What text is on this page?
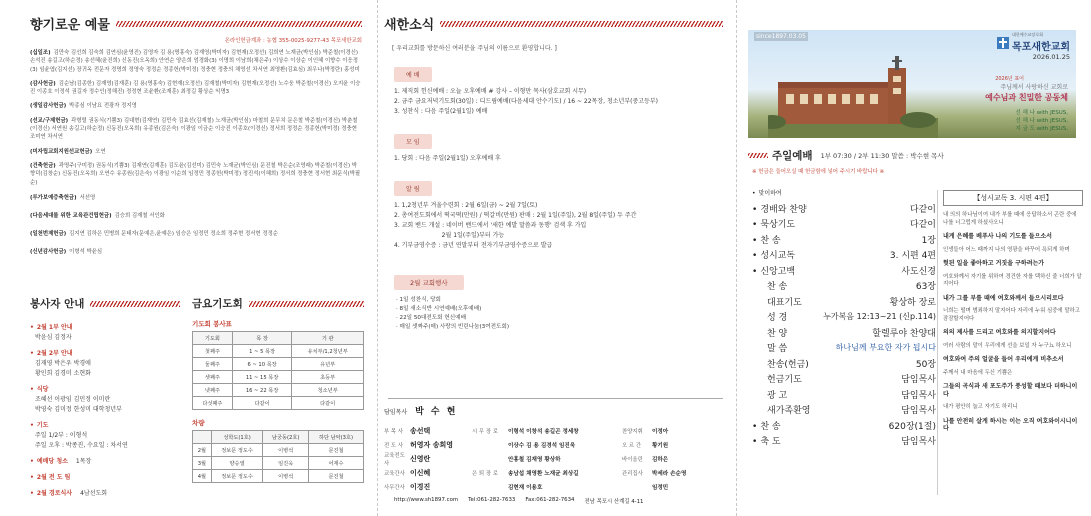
향기로운 예물
온라인헌금계좌 : 농협 355-0025-9277-43 목포새한교회
(십일조) 김만숙 김선희 김숙희 김연심(윤영진) 김영자 김 용(명홍숙) 김재영(박미자) 김현재(오정선) 김희연 노재균(박인심) 박준철(이경신) 손석진 송길고(하순정) 송선혜(윤진희) 신동진(오옥희) 안연순 양은희 엄경화(3) 이명희 이남희(채은주) 이상수 이상순 이인혜 이향수 이응정(3) 임윤엽(김지선) 장귀옥 전문자 정명희 정영숙 정정순 정종헌(박미정) 정충현 정충의 채영선 차서연 최영환(김효심) 최우나(박정란) 홍성미
(감사헌금) 김순남(김종한) 김재영(김재훈) 김 용(명홍숙) 김현재(오정선) 김재철(박미자) 김현재(오정선) 노수웅 박준철(이경신) 오지윤 이승진 이종호 이정석 권길자 정수인(정해진) 정정현 조윤환(조재훈) 최정길 황상순 익명3
(생일감사헌금) 박종심 이남요 전광자 정지영
(선교/구제헌금) 곽형렬 권동식(기쁨3) 김대현(김재연) 김민숙 김효선(김재철) 노재균(박인심) 마철희 문무치 문은철 박준철(이경신) 박춘철(이경신) 서연원 송길고(하순정) 신동진(오옥희) 유종원(김은숙) 이광임 이금순 이승진 이종호(이경신) 정서희 정정순 정종헌(박미정) 정충현 조미연 차서연
(미자립교회지원선교헌금) 오연
(건축헌금) 곽명주(구미정) 권동식(기쁨3) 김재연(김재훈) 김도윤(김선미) 김민숙 노재균(박인심) 문진철 박은순(조영래) 박준철(이경신) 박향덕(김창순) 신동진(오옥희) 오연수 유종원(김은숙) 이광임 이순희 임정민 정종헌(박미정) 정진석(이혜희) 정서희 정충현 정서현 최문식(박필순)
(루가보예증축헌금) 서선영
(다음세대를 위한 교육관건립헌금) 김승희 김재철 서인화
(일천번제헌금) 김지연 김하은 민병희 문태자(문예은,윤예은) 임승은 임정민 정소희 정주현 정서현 정정순
(신년감사헌금) 이형석 박윤심
봉사자 안내
• 2월 1부 안내
박윤심 김정자
• 2월 2부 안내
김재영 박은우 박경애
황인희 김경미 소현화
• 식당
조혜선 이광임 김민정 이미란
박영숙 김미정 한성미 대학청년부
• 기도
주일 1/2부 : 이형석
주일 오후 : 박종진, 수요일 : 차서연
• 예배당 청소 1목장
• 2월 전 도 팀
• 2월 경로식사 4남선도회
금요기도회
기도회 봉사표
기도회	목 장	기 관
첫째주	1 ~ 5 목장	유치부/1,2청년부
둘째주	6 ~ 10 목장	유년부
셋째주	11 ~ 15 목장	초등부
넷째주	16 ~ 22 목장	청소년부
다섯째주	다같이	다같이
차량
	성학도(1호)	남궁동(2호)	하단 남악(3호)
2월	정보문 정도수	이병석	문진철
3월	양승열	임진욱	어재수
4월	정보문 정도수	이병석	문진철
새한소식
[ 우리교회를 방문하신 여러분을 주님의 이름으로 환영합니다. ]
예 배
1. 제직회 헌신예배 : 오늘 오후예배 # 강사 – 이형만 목사(삼호교회 시무)
2. 금주 금요저녁기도회(30일) : 디드림예배(다음세대 안수기도) / 16 ~ 22목장, 청소년부(중고등부)
3. 성찬식 : 다음 주일(2월1일) 예배
모 임
1. 당회 : 다음 주일(2월1일) 오후예배 후
알 림
1. 1,2청년부 겨울수련회 : 2월 6일(금) ~ 2월 7일(토)
2. 총여전도회에서 떡국떡(만원) / 떡갈비(만원) 판매 : 2월 1일(주일), 2월 8일(주일) 두 주간
3. 교회 밴드 개설 : 네이버 밴드에서 '새한 예발 말씀과 동행' 검색 후 가입
2월 1일(주일)부터 가능
4. 기부금영수증 : 금년 연말부터 전자기부금영수증으로 발급
2월 교회행사
· 1일 성찬식, 당회
· 8일 새소식반 시연예배(오후예배)
· 22일 50대전도회 헌신예배
· 매일 샛짜주(매) 사랑의 빈린나눔(3여전도회)
담임목사 박 수 현
부 목 사 송선택
전 도 사 허영자 송희영
교육전도사
신영란
교육간사 이신혜
사무간사 이경진
시 무 장 로	이형석 이창석 송길곤 정세창
이상수 김 용 김경석 임진욱
안홍철 김재영 황상하
은 퇴 장 로	송남섭 채영환 노재균 최상길
김현재 이용호
찬양지휘	이정아
오 르 간	황기원
바이올린	김하은
관리집사	박세라 손순영
임정민
http://www.sh1897.com Tel:061-282-7633 Fax:061-282-7634 전남 목포시 산계길 4-11
since1897.03.05	대한예수교장로회
목포새한교회
2026.01.25
2026년 표어
주님께서 사랑하신 교회로
예수님과 친밀한 공동체
선 해 나 with JESUS,
선 해 나 with JESUS,
지 금 도 with JESUS,
주일예배 1부 07:30 / 2부 11:30 말씀 : 박수현 목사
※ 헌금은 들어오실 때 헌금함에 넣어 주시기 바랍니다 ※
• 맞이하여
• 경배와 찬양	다같이
• 묵상기도	다같이
• 찬 송	1장
• 성시교독	3. 시편 4편
• 신앙고백	사도신경
찬 송	63장
대표기도	황상하 장로
성 경	누가복음 12:13~21 (신p.114)
찬 양	할렐루야 찬양대
말 씀	하나님께 부요한 자가 됩시다
찬송(헌금)	50장
헌금기도	담임목사
광 고	담임목사
새가족환영	담임목사
• 찬 송	620장(1절)
• 축 도	담임목사
【성시교독 3. 시편 4편】
내 의의 하나님이여 내가 부를 때에 응답하소서 곤란 중에 나를 너그럽게 하셨사오니
내게 은혜를 베푸사 나의 기도를 들으소서
인생들아 어느 때까지 나의 영광을 바꾸어 욕되게 하며
헛된 일을 좋아하고 거짓을 구하려는가
여호와께서 자기를 위하여 경건한 자를 택하신 줄 너희가 알지어다
내가 그를 부를 때에 여호와께서 들으시리로다
너희는 떨며 범죄하지 말지어다 자리에 누워 심중에 말하고 잠잠할지어다
의의 제사를 드리고 여호와를 의지할지어다
여러 사람의 말이 우리에게 선을 보일 자 누구뇨 하오니
여호와여 주의 얼굴을 들어 우리에게 비추소서
주께서 내 마음에 두신 기쁨은
그들의 곡식과 새 포도주가 풍성할 때보다 더하니이다
내가 평안히 눕고 자기도 하리니
나를 안전히 살게 하시는 이는 오직 여호와이시니이다
